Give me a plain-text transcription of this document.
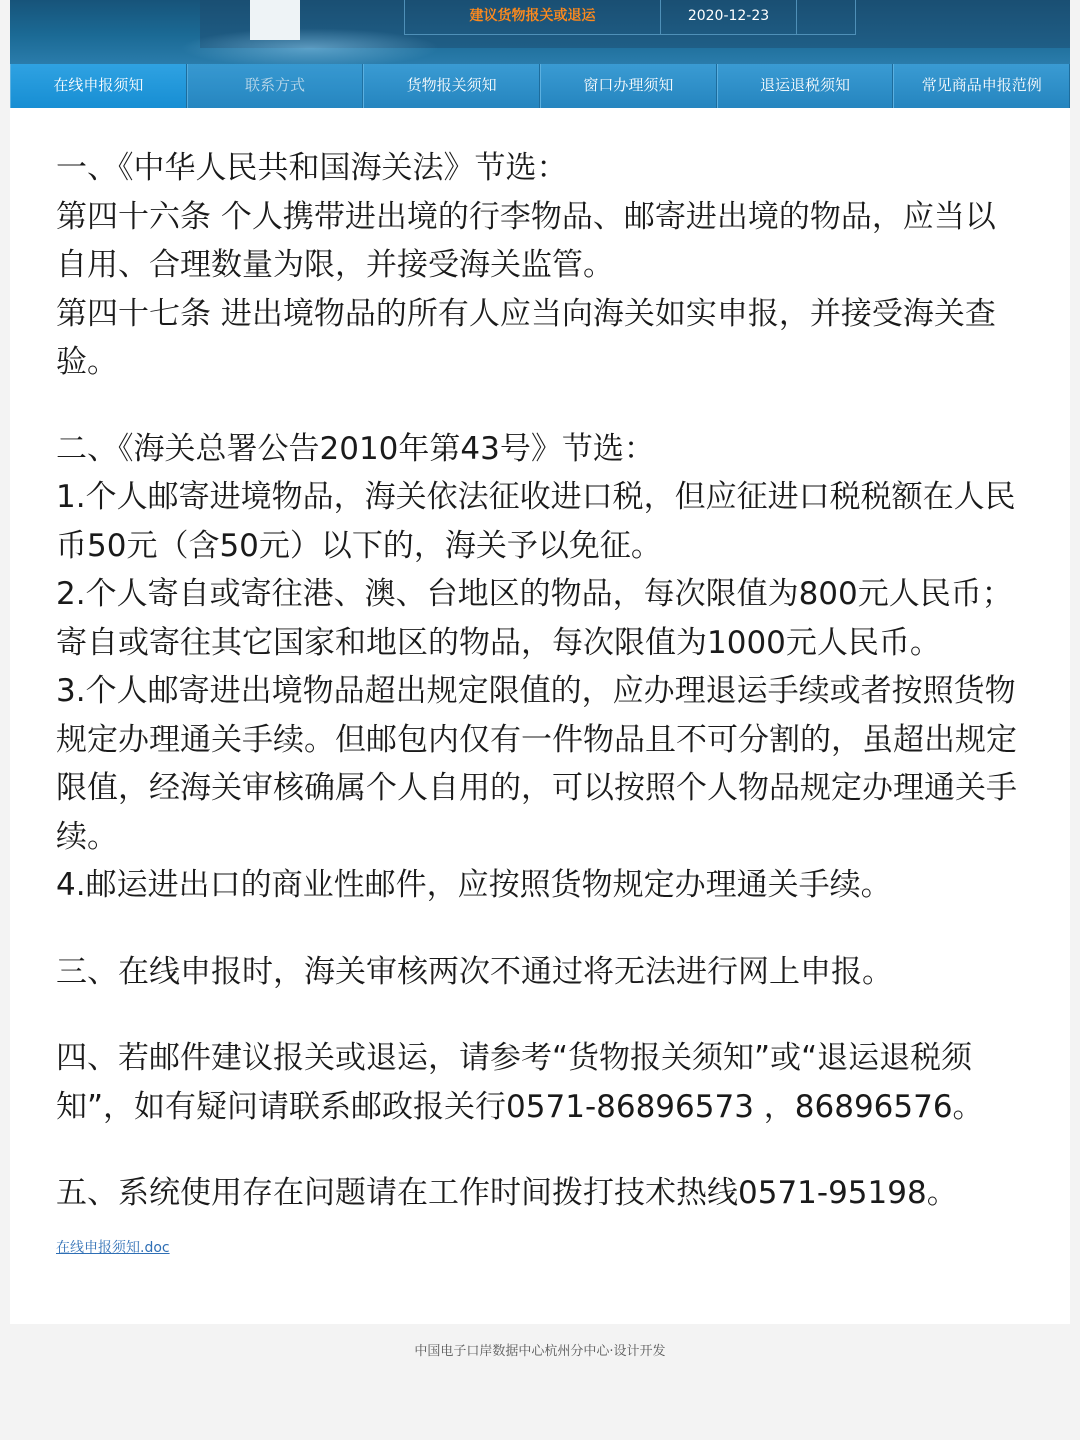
建议货物报关或退运	2020-12-23
在线申报须知	联系方式	货物报关须知	窗口办理须知	退运退税须知	常见商品申报范例

一、《中华人民共和国海关法》节选：

第四十六条 个人携带进出境的行李物品、邮寄进出境的物品，应当以自用、合理数量为限，并接受海关监管。

第四十七条 进出境物品的所有人应当向海关如实申报，并接受海关查验。

二、《海关总署公告2010年第43号》节选：

1.个人邮寄进境物品，海关依法征收进口税，但应征进口税税额在人民币50元（含50元）以下的，海关予以免征。

2.个人寄自或寄往港、澳、台地区的物品，每次限值为800元人民币；寄自或寄往其它国家和地区的物品，每次限值为1000元人民币。

3.个人邮寄进出境物品超出规定限值的，应办理退运手续或者按照货物规定办理通关手续。但邮包内仅有一件物品且不可分割的，虽超出规定限值，经海关审核确属个人自用的，可以按照个人物品规定办理通关手续。

4.邮运进出口的商业性邮件，应按照货物规定办理通关手续。

三、在线申报时，海关审核两次不通过将无法进行网上申报。

四、若邮件建议报关或退运，请参考“货物报关须知”或“退运退税须知”，如有疑问请联系邮政报关行0571-86896573 ，86896576。

五、系统使用存在问题请在工作时间拨打技术热线0571-95198。

在线申报须知.doc
中国电子口岸数据中心杭州分中心·设计开发
